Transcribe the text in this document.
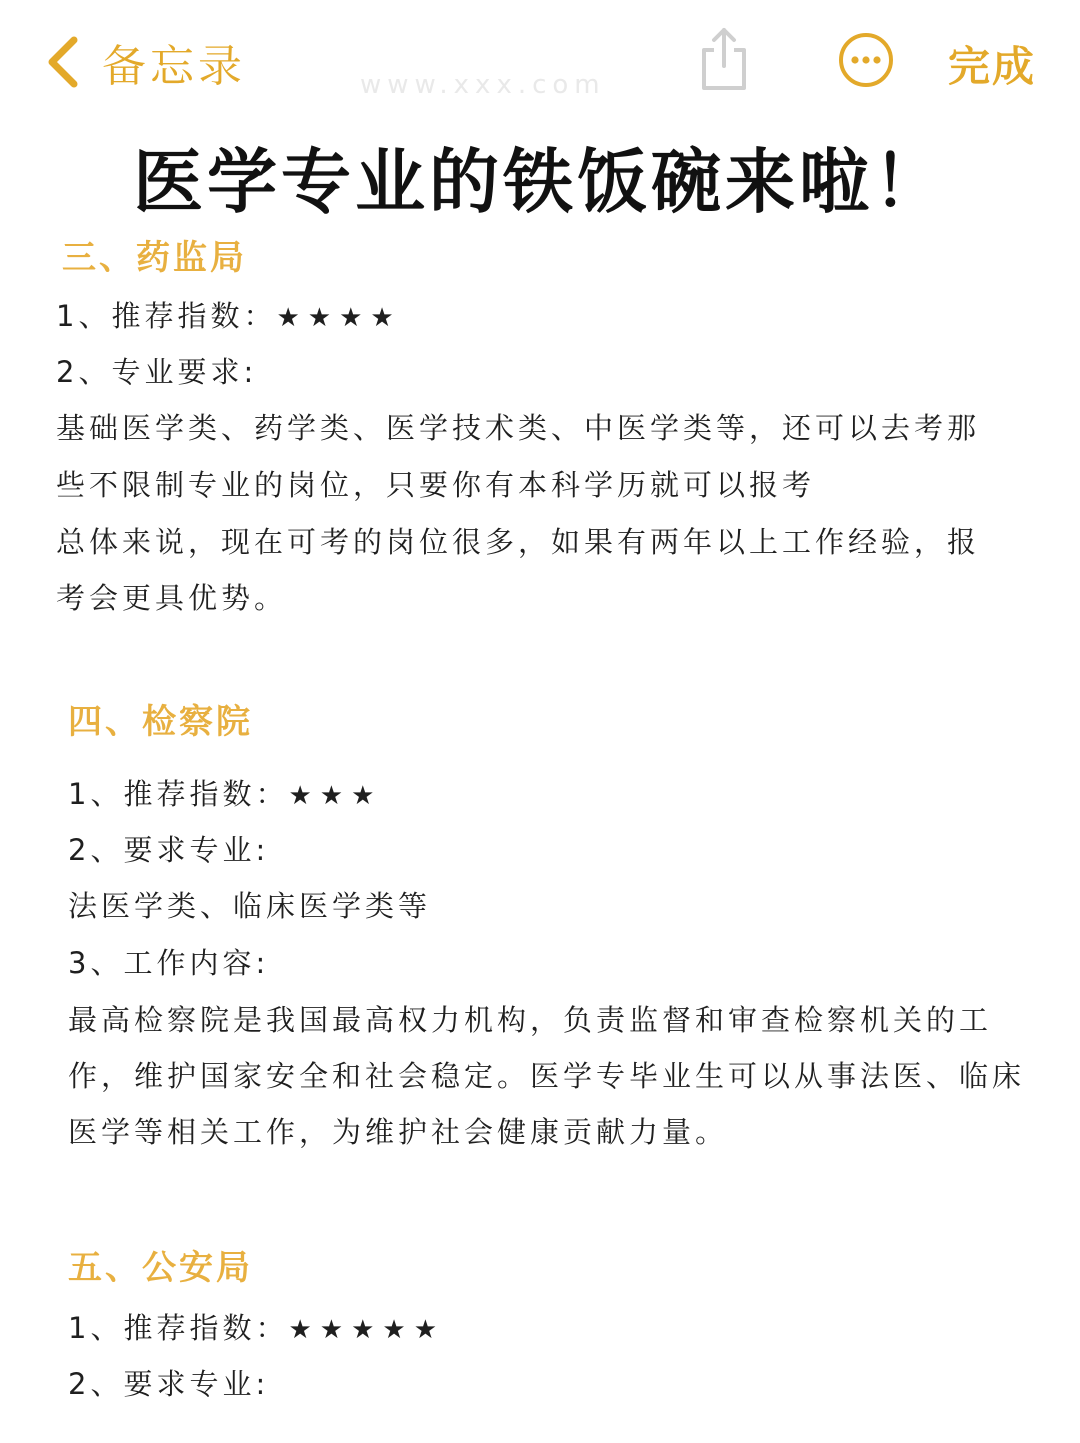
备忘录	完成
www.xxx.com
医学专业的铁饭碗来啦！
三、药监局
1、推荐指数：★★★★
2、专业要求:
基础医学类、药学类、医学技术类、中医学类等，还可以去考那
些不限制专业的岗位，只要你有本科学历就可以报考
总体来说，现在可考的岗位很多，如果有两年以上工作经验，报
考会更具优势。
四、检察院
1、推荐指数：★★★
2、要求专业:
法医学类、临床医学类等
3、工作内容:
最高检察院是我国最高权力机构，负责监督和审查检察机关的工
作，维护国家安全和社会稳定。医学专毕业生可以从事法医、临床
医学等相关工作，为维护社会健康贡献力量。
五、公安局
1、推荐指数：★★★★★
2、要求专业:
